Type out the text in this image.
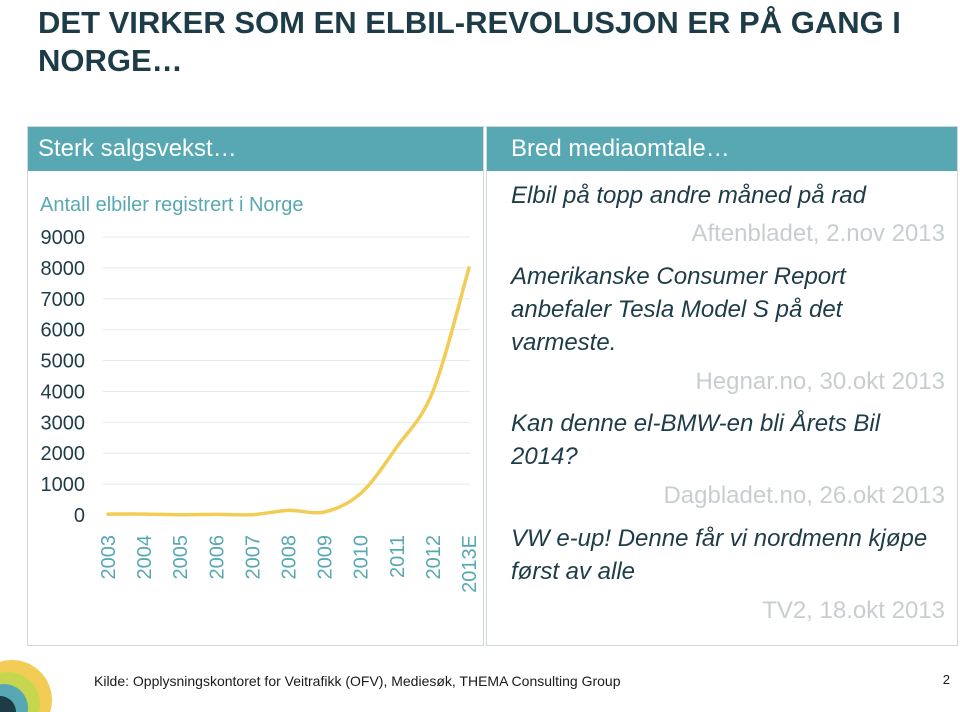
DET VIRKER SOM EN ELBIL-REVOLUSJON ER PÅ GANG I NORGE…
Sterk salgsvekst…
Antall elbiler registrert i Norge
0
1000
2000
3000
4000
5000
6000
7000
8000
9000
2003 2004 2005 2006 2007 2008 2009 2010 2011 2012 2013E
Bred mediaomtale…
Elbil på topp andre måned på rad
Aftenbladet, 2.nov 2013
Amerikanske Consumer Report anbefaler Tesla Model S på det varmeste.
Hegnar.no, 30.okt 2013
Kan denne el-BMW-en bli Årets Bil 2014?
Dagbladet.no, 26.okt 2013
VW e-up! Denne får vi nordmenn kjøpe først av alle
TV2, 18.okt 2013
Kilde: Opplysningskontoret for Veitrafikk (OFV), Mediesøk, THEMA Consulting Group	2
